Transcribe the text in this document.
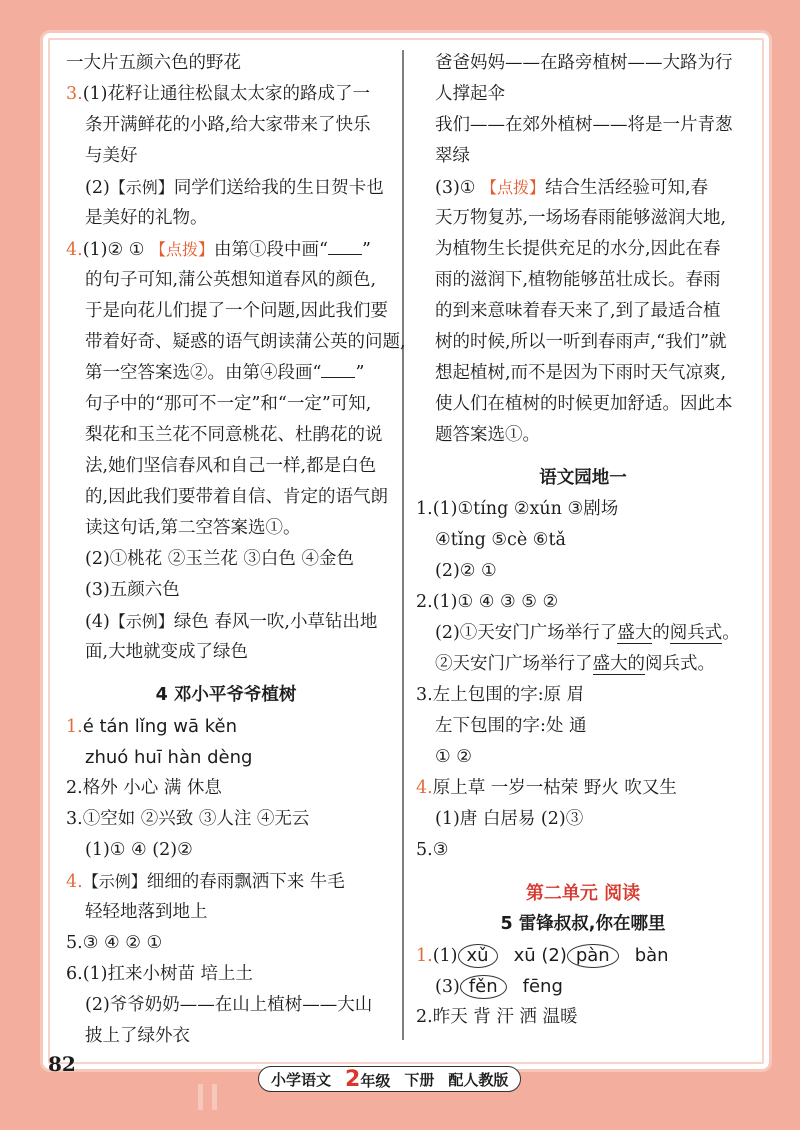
一大片五颜六色的野花
3.(1)花籽让通往松鼠太太家的路成了一
条开满鲜花的小路,给大家带来了快乐
与美好
(2)【示例】同学们送给我的生日贺卡也
是美好的礼物。
4.(1)② ① 【点拨】由第①段中画“ ”
的句子可知,蒲公英想知道春风的颜色,
于是向花儿们提了一个问题,因此我们要
带着好奇、疑惑的语气朗读蒲公英的问题,
第一空答案选②。由第④段画“ ”
句子中的“那可不一定”和“一定”可知,
梨花和玉兰花不同意桃花、杜鹃花的说
法,她们坚信春风和自己一样,都是白色
的,因此我们要带着自信、肯定的语气朗
读这句话,第二空答案选①。
(2)①桃花 ②玉兰花 ③白色 ④金色
(3)五颜六色
(4)【示例】绿色 春风一吹,小草钻出地
面,大地就变成了绿色
4 邓小平爷爷植树
1.é tán lǐng wā kěn
zhuó huī hàn dèng
2.格外 小心 满 休息
3.①空如 ②兴致 ③人注 ④无云
(1)① ④ (2)②
4.【示例】细细的春雨飘洒下来 牛毛
轻轻地落到地上
5.③ ④ ② ①
6.(1)扛来小树苗 培上土
(2)爷爷奶奶——在山上植树——大山
披上了绿外衣
爸爸妈妈——在路旁植树——大路为行
人撑起伞
我们——在郊外植树——将是一片青葱
翠绿
(3)① 【点拨】结合生活经验可知,春
天万物复苏,一场场春雨能够滋润大地,
为植物生长提供充足的水分,因此在春
雨的滋润下,植物能够茁壮成长。春雨
的到来意味着春天来了,到了最适合植
树的时候,所以一听到春雨声,“我们”就
想起植树,而不是因为下雨时天气凉爽,
使人们在植树的时候更加舒适。因此本
题答案选①。
语文园地一
1.(1)①tíng ②xún ③剧场
④tǐng ⑤cè ⑥tǎ
(2)② ①
2.(1)① ④ ③ ⑤ ②
(2)①天安门广场举行了盛大的阅兵式。
②天安门广场举行了盛大的阅兵式。
3.左上包围的字:原 眉
左下包围的字:处 通
① ②
4.原上草 一岁一枯荣 野火 吹又生
(1)唐 白居易 (2)③
5.③
第二单元 阅读
5 雷锋叔叔,你在哪里
1.(1) xǔ xū (2) pàn bàn
(3) fěn fēng
2.昨天 背 汗 洒 温暖
82
小学语文 2年级 下册 配人教版
